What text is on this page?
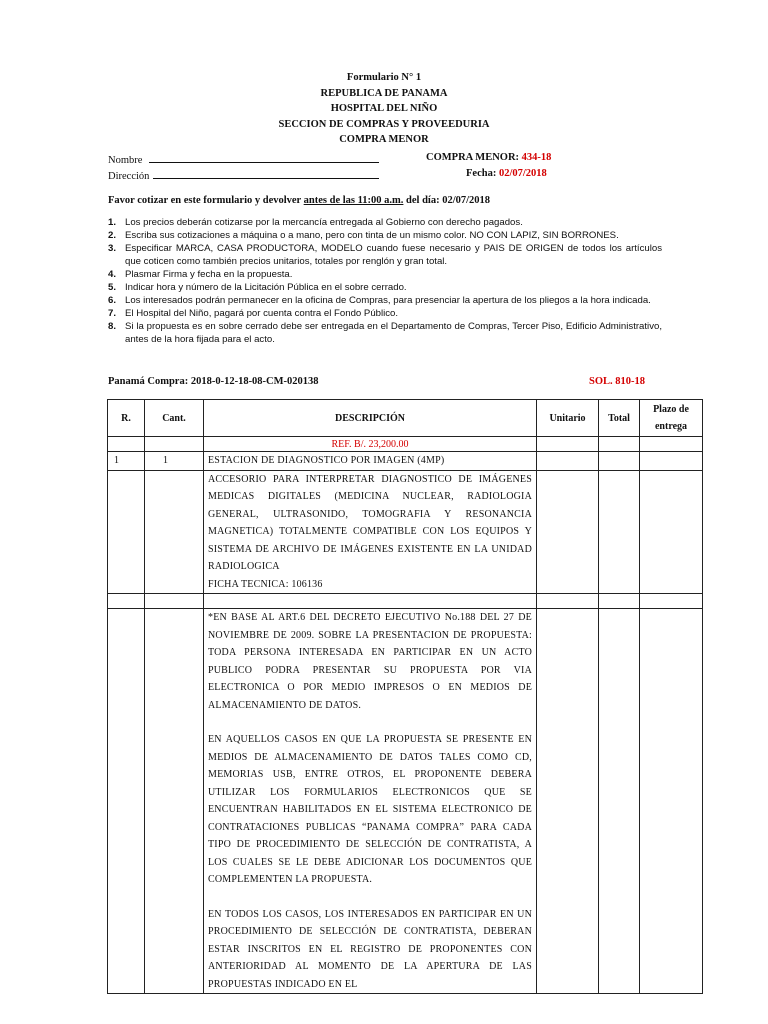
Formulario N° 1
REPUBLICA DE PANAMA
HOSPITAL DEL NIÑO
SECCION DE COMPRAS Y PROVEEDURIA
COMPRA MENOR
Nombre	COMPRA MENOR: 434-18
Dirección	Fecha: 02/07/2018
Favor cotizar en este formulario y devolver antes de las 11:00 a.m. del día: 02/07/2018
1. Los precios deberán cotizarse por la mercancía entregada al Gobierno con derecho pagados.
2. Escriba sus cotizaciones a máquina o a mano, pero con tinta de un mismo color. NO CON LAPIZ, SIN BORRONES.
3. Especificar MARCA, CASA PRODUCTORA, MODELO cuando fuese necesario y PAIS DE ORIGEN de todos los artículos que coticen como también precios unitarios, totales por renglón y gran total.
4. Plasmar Firma y fecha en la propuesta.
5. Indicar hora y número de la Licitación Pública en el sobre cerrado.
6. Los interesados podrán permanecer en la oficina de Compras, para presenciar la apertura de los pliegos a la hora indicada.
7. El Hospital del Niño, pagará por cuenta contra el Fondo Público.
8. Si la propuesta es en sobre cerrado debe ser entregada en el Departamento de Compras, Tercer Piso, Edificio Administrativo, antes de la hora fijada para el acto.
Panamá Compra: 2018-0-12-18-08-CM-020138	SOL. 810-18
R.	Cant.	DESCRIPCIÓN	Unitario	Total	Plazo de entrega
		REF. B/. 23,200.00			
1	1	ESTACION DE DIAGNOSTICO POR IMAGEN (4MP)			

		ACCESORIO PARA INTERPRETAR DIAGNOSTICO DE IMÁGENES MEDICAS DIGITALES (MEDICINA NUCLEAR, RADIOLOGIA GENERAL, ULTRASONIDO, TOMOGRAFIA Y RESONANCIA MAGNETICA) TOTALMENTE COMPATIBLE CON LOS EQUIPOS Y SISTEMA DE ARCHIVO DE IMÁGENES EXISTENTE EN LA UNIDAD RADIOLOGICA

FICHA TECNICA: 106136			

		*EN BASE AL ART.6 DEL DECRETO EJECUTIVO No.188 DEL 27 DE NOVIEMBRE DE 2009. SOBRE LA PRESENTACION DE PROPUESTA: TODA PERSONA INTERESADA EN PARTICIPAR EN UN ACTO PUBLICO PODRA PRESENTAR SU PROPUESTA POR VIA ELECTRONICA O POR MEDIO IMPRESOS O EN MEDIOS DE ALMACENAMIENTO DE DATOS.

EN AQUELLOS CASOS EN QUE LA PROPUESTA SE PRESENTE EN MEDIOS DE ALMACENAMIENTO DE DATOS TALES COMO CD, MEMORIAS USB, ENTRE OTROS, EL PROPONENTE DEBERA UTILIZAR LOS FORMULARIOS ELECTRONICOS QUE SE ENCUENTRAN HABILITADOS EN EL SISTEMA ELECTRONICO DE CONTRATACIONES PUBLICAS “PANAMA COMPRA” PARA CADA TIPO DE PROCEDIMIENTO DE SELECCIÓN DE CONTRATISTA, A LOS CUALES SE LE DEBE ADICIONAR LOS DOCUMENTOS QUE COMPLEMENTEN LA PROPUESTA.

EN TODOS LOS CASOS, LOS INTERESADOS EN PARTICIPAR EN UN PROCEDIMIENTO DE SELECCIÓN DE CONTRATISTA, DEBERAN ESTAR INSCRITOS EN EL REGISTRO DE PROPONENTES CON ANTERIORIDAD AL MOMENTO DE LA APERTURA DE LAS PROPUESTAS INDICADO EN EL			
